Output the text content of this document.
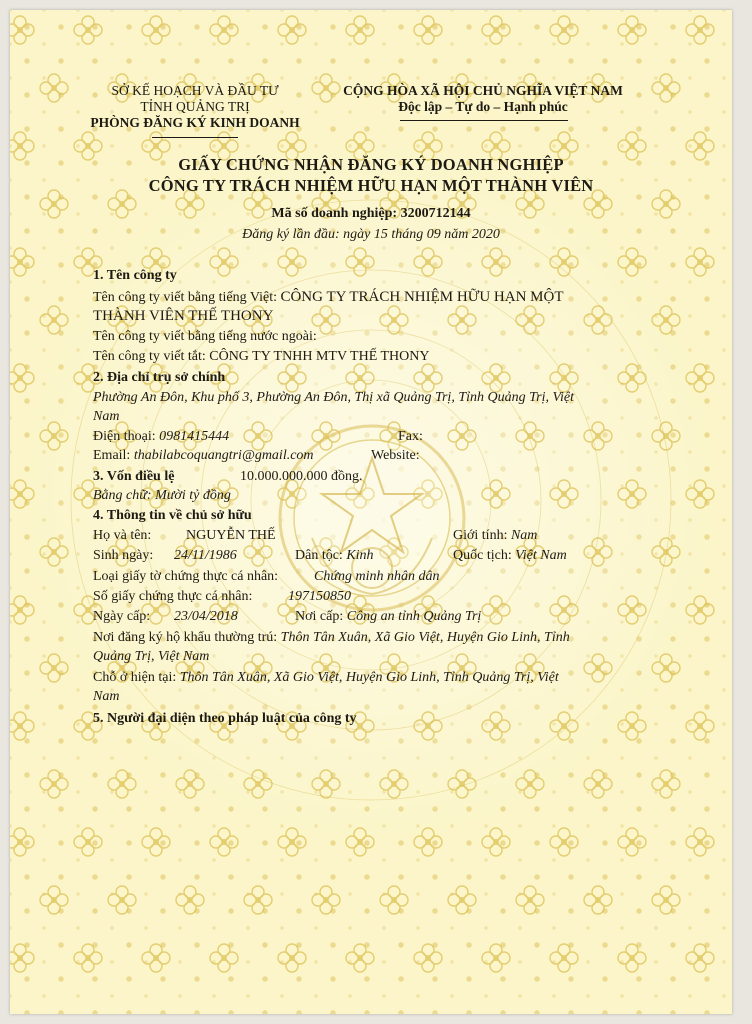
SỞ KẾ HOẠCH VÀ ĐẦU TƯ
TỈNH QUẢNG TRỊ
PHÒNG ĐĂNG KÝ KINH DOANH
CỘNG HÒA XÃ HỘI CHỦ NGHĨA VIỆT NAM
Độc lập – Tự do – Hạnh phúc
GIẤY CHỨNG NHẬN ĐĂNG KÝ DOANH NGHIỆP
CÔNG TY TRÁCH NHIỆM HỮU HẠN MỘT THÀNH VIÊN
Mã số doanh nghiệp: 3200712144
Đăng ký lần đầu: ngày 15 tháng 09 năm 2020
1. Tên công ty
Tên công ty viết bằng tiếng Việt: CÔNG TY TRÁCH NHIỆM HỮU HẠN MỘT
THÀNH VIÊN THẾ THONY
Tên công ty viết bằng tiếng nước ngoài:
Tên công ty viết tắt: CÔNG TY TNHH MTV THẾ THONY
2. Địa chỉ trụ sở chính
Phường An Đôn, Khu phố 3, Phường An Đôn, Thị xã Quảng Trị, Tỉnh Quảng Trị, Việt
Nam
Điện thoại: 0981415444	Fax:
Email: thabilabcoquangtri@gmail.com	Website:
3. Vốn điều lệ	10.000.000.000 đồng.
Bằng chữ: Mười tỷ đồng
4. Thông tin về chủ sở hữu
Họ và tên: NGUYỄN THẾ	Giới tính: Nam
Sinh ngày: 24/11/1986	Dân tộc: Kinh	Quốc tịch: Việt Nam
Loại giấy tờ chứng thực cá nhân:	Chứng minh nhân dân
Số giấy chứng thực cá nhân:	197150850
Ngày cấp: 23/04/2018	Nơi cấp: Công an tỉnh Quảng Trị
Nơi đăng ký hộ khẩu thường trú: Thôn Tân Xuân, Xã Gio Việt, Huyện Gio Linh, Tỉnh
Quảng Trị, Việt Nam
Chỗ ở hiện tại: Thôn Tân Xuân, Xã Gio Việt, Huyện Gio Linh, Tỉnh Quảng Trị, Việt
Nam
5. Người đại diện theo pháp luật của công ty
